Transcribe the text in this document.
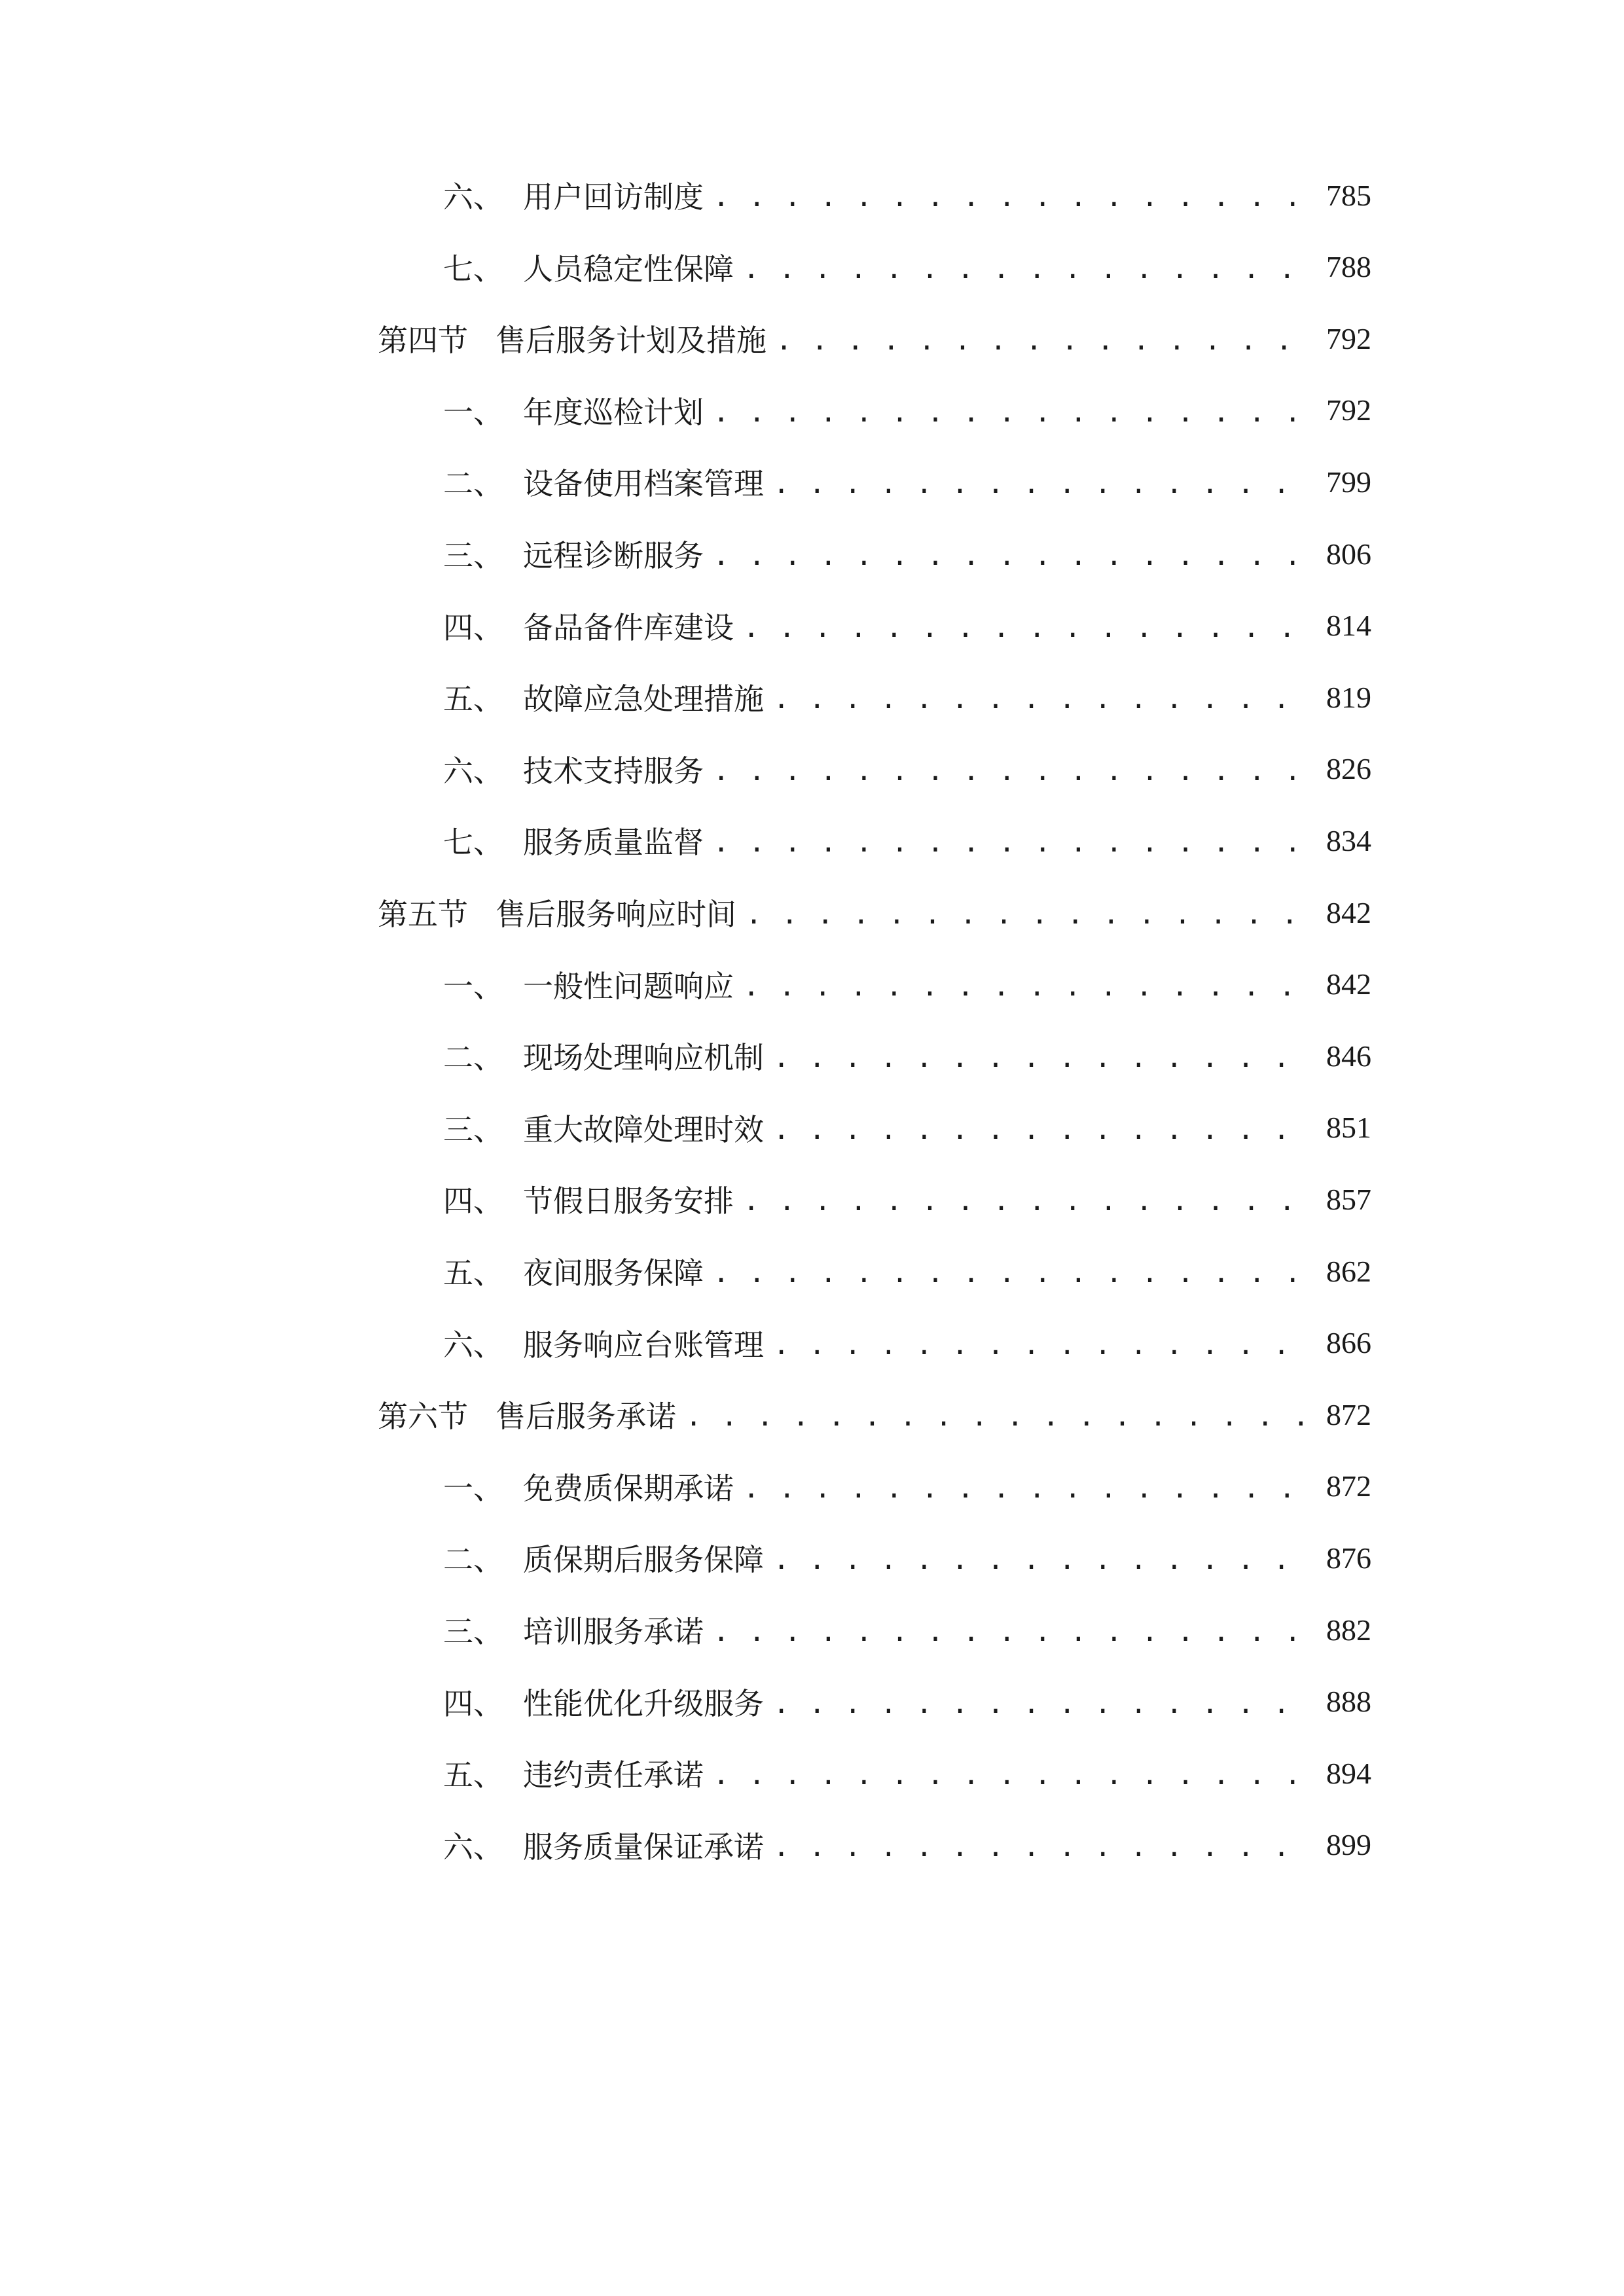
六、 用户回访制度 . . .	785
七、 人员稳定性保障 . . .	788
第四节 售后服务计划及措施 . . .	792
一、 年度巡检计划 . . .	792
二、 设备使用档案管理 . . .	799
三、 远程诊断服务 . . .	806
四、 备品备件库建设 . . .	814
五、 故障应急处理措施 . . .	819
六、 技术支持服务 . . .	826
七、 服务质量监督 . . .	834
第五节 售后服务响应时间 . . .	842
一、 一般性问题响应 . . .	842
二、 现场处理响应机制 . . .	846
三、 重大故障处理时效 . . .	851
四、 节假日服务安排 . . .	857
五、 夜间服务保障 . . .	862
六、 服务响应台账管理 . . .	866
第六节 售后服务承诺 . . .	872
一、 免费质保期承诺 . . .	872
二、 质保期后服务保障 . . .	876
三、 培训服务承诺 . . .	882
四、 性能优化升级服务 . . .	888
五、 违约责任承诺 . . .	894
六、 服务质量保证承诺 . . .	899
